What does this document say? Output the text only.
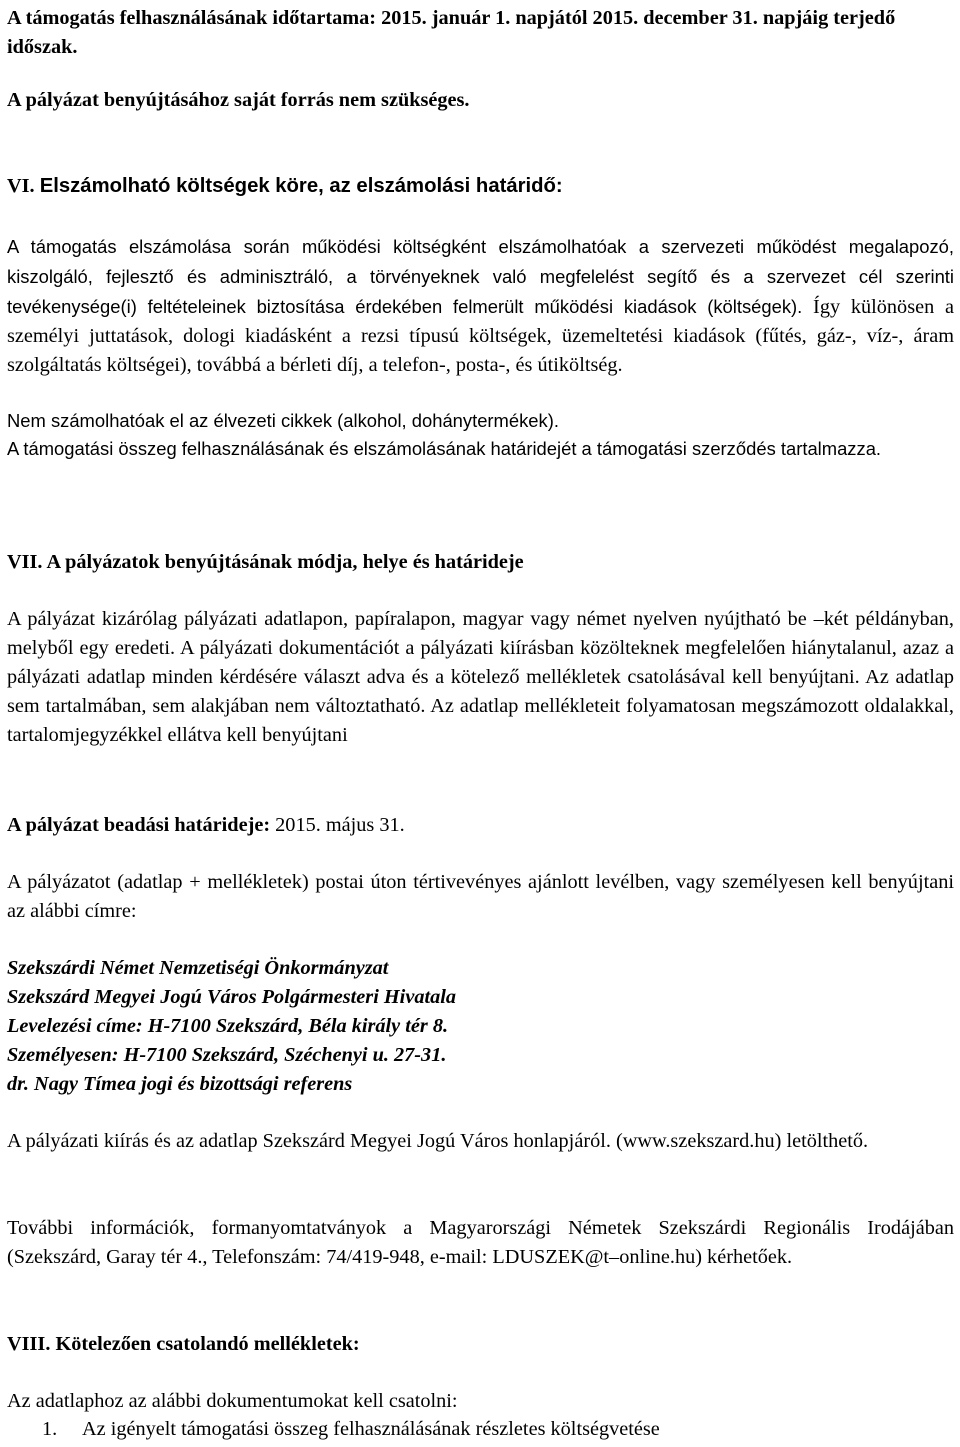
A támogatás felhasználásának időtartama: 2015. január 1. napjától 2015. december 31. napjáig terjedő időszak.

A pályázat benyújtásához saját forrás nem szükséges.

VI. Elszámolható költségek köre, az elszámolási határidő:

A támogatás elszámolása során működési költségként elszámolhatóak a szervezeti működést megalapozó, kiszolgáló, fejlesztő és adminisztráló, a törvényeknek való megfelelést segítő és a szervezet cél szerinti tevékenysége(i) feltételeinek biztosítása érdekében felmerült működési kiadások (költségek). Így különösen a személyi juttatások, dologi kiadásként a rezsi típusú költségek, üzemeltetési kiadások (fűtés, gáz-, víz-, áram szolgáltatás költségei), továbbá a bérleti díj, a telefon-, posta-, és útiköltség.

Nem számolhatóak el az élvezeti cikkek (alkohol, dohánytermékek).

A támogatási összeg felhasználásának és elszámolásának határidejét a támogatási szerződés tartalmazza.

VII. A pályázatok benyújtásának módja, helye és határideje

A pályázat kizárólag pályázati adatlapon, papíralapon, magyar vagy német nyelven nyújtható be –két példányban, melyből egy eredeti. A pályázati dokumentációt a pályázati kiírásban közölteknek megfelelően hiánytalanul, azaz a pályázati adatlap minden kérdésére választ adva és a kötelező mellékletek csatolásával kell benyújtani. Az adatlap sem tartalmában, sem alakjában nem változtatható. Az adatlap mellékleteit folyamatosan megszámozott oldalakkal, tartalomjegyzékkel ellátva kell benyújtani

A pályázat beadási határideje: 2015. május 31.

A pályázatot (adatlap + mellékletek) postai úton tértivevényes ajánlott levélben, vagy személyesen kell benyújtani az alábbi címre:

Szekszárdi Német Nemzetiségi Önkormányzat

Szekszárd Megyei Jogú Város Polgármesteri Hivatala

Levelezési címe: H-7100 Szekszárd, Béla király tér 8.

Személyesen: H-7100 Szekszárd, Széchenyi u. 27-31.

dr. Nagy Tímea jogi és bizottsági referens

A pályázati kiírás és az adatlap Szekszárd Megyei Jogú Város honlapjáról. (www.szekszard.hu) letölthető.

További információk, formanyomtatványok a Magyarországi Németek Szekszárdi Regionális Irodájában (Szekszárd, Garay tér 4., Telefonszám: 74/419-948, e-mail: LDUSZEK@t–online.hu) kérhetőek.

VIII. Kötelezően csatolandó mellékletek:

Az adatlaphoz az alábbi dokumentumokat kell csatolni:

1. Az igényelt támogatási összeg felhasználásának részletes költségvetése
